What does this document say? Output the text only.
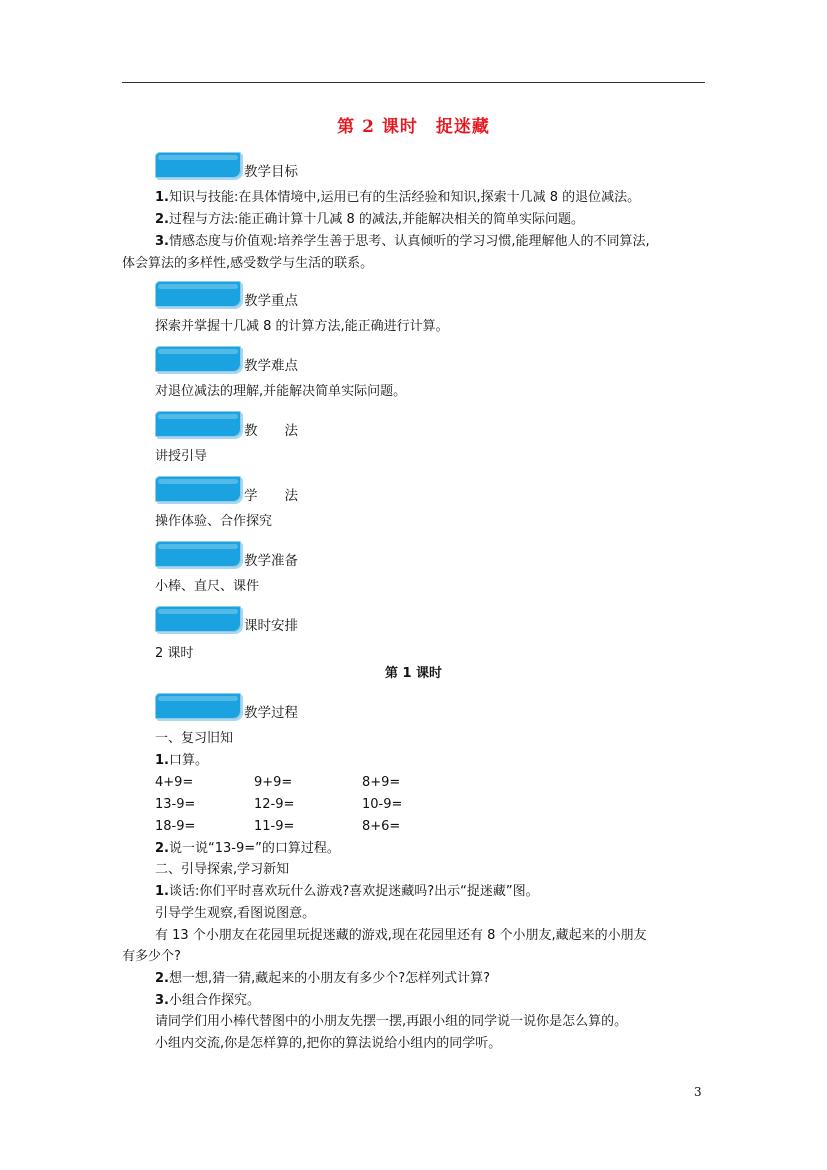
第 2 课时　捉迷藏
教学目标
1.知识与技能:在具体情境中,运用已有的生活经验和知识,探索十几减 8 的退位减法。
2.过程与方法:能正确计算十几减 8 的减法,并能解决相关的简单实际问题。
3.情感态度与价值观:培养学生善于思考、认真倾听的学习习惯,能理解他人的不同算法,
体会算法的多样性,感受数学与生活的联系。
教学重点
探索并掌握十几减 8 的计算方法,能正确进行计算。
教学难点
对退位减法的理解,并能解决简单实际问题。
教　　法
讲授引导
学　　法
操作体验、合作探究
教学准备
小棒、直尺、课件
课时安排
2 课时
第 1 课时
教学过程
一、复习旧知
1.口算。
4+9=	9+9=	8+9=
13-9=	12-9=	10-9=
18-9=	11-9=	8+6=
2.说一说“13-9=”的口算过程。
二、引导探索,学习新知
1.谈话:你们平时喜欢玩什么游戏?喜欢捉迷藏吗?出示“捉迷藏”图。
引导学生观察,看图说图意。
有 13 个小朋友在花园里玩捉迷藏的游戏,现在花园里还有 8 个小朋友,藏起来的小朋友
有多少个?
2.想一想,猜一猜,藏起来的小朋友有多少个?怎样列式计算?
3.小组合作探究。
请同学们用小棒代替图中的小朋友先摆一摆,再跟小组的同学说一说你是怎么算的。
小组内交流,你是怎样算的,把你的算法说给小组内的同学听。
3
